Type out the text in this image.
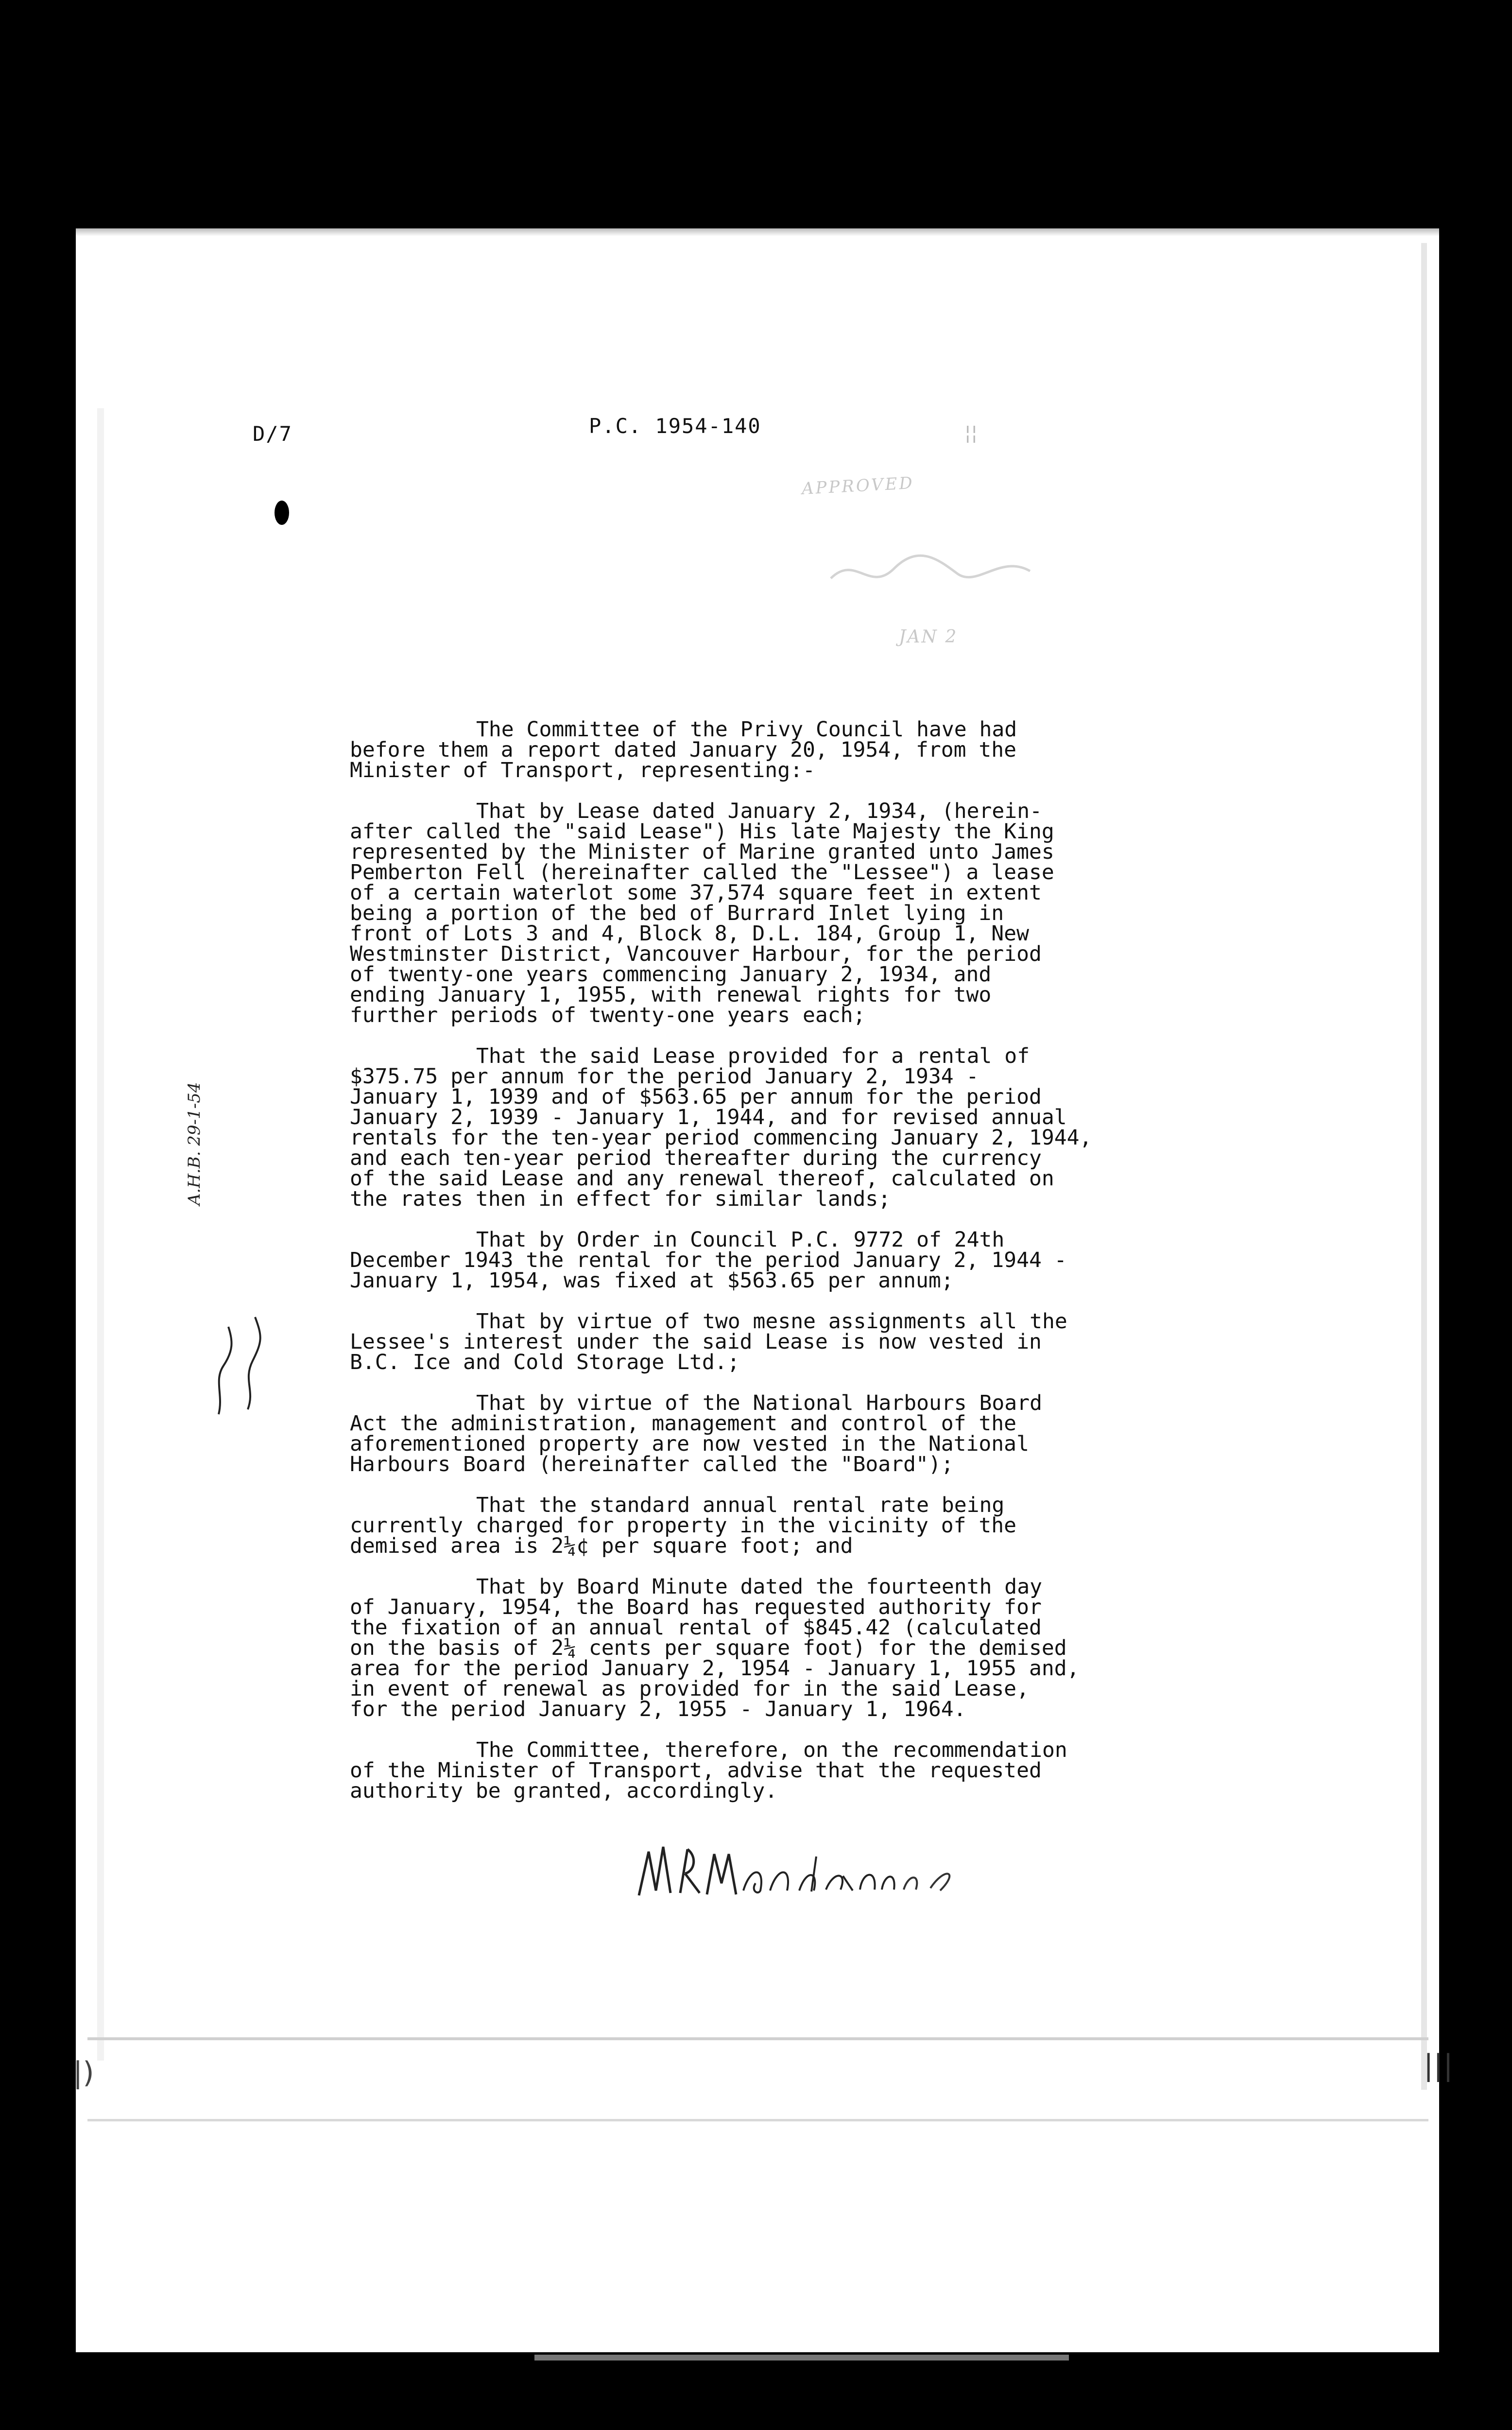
D/7	P.C. 1954-140
APPROVED
JAN 2
¦¦
A.H.B. 29-1-54

The Committee of the Privy Council have had
before them a report dated January 20, 1954, from the
Minister of Transport, representing:-

That by Lease dated January 2, 1934, (herein-
after called the "said Lease") His late Majesty the King
represented by the Minister of Marine granted unto James
Pemberton Fell (hereinafter called the "Lessee") a lease
of a certain waterlot some 37,574 square feet in extent
being a portion of the bed of Burrard Inlet lying in
front of Lots 3 and 4, Block 8, D.L. 184, Group 1, New
Westminster District, Vancouver Harbour, for the period
of twenty-one years commencing January 2, 1934, and
ending January 1, 1955, with renewal rights for two
further periods of twenty-one years each;

That the said Lease provided for a rental of
$375.75 per annum for the period January 2, 1934 -
January 1, 1939 and of $563.65 per annum for the period
January 2, 1939 - January 1, 1944, and for revised annual
rentals for the ten-year period commencing January 2, 1944,
and each ten-year period thereafter during the currency
of the said Lease and any renewal thereof, calculated on
the rates then in effect for similar lands;

That by Order in Council P.C. 9772 of 24th
December 1943 the rental for the period January 2, 1944 -
January 1, 1954, was fixed at $563.65 per annum;

That by virtue of two mesne assignments all the
Lessee's interest under the said Lease is now vested in
B.C. Ice and Cold Storage Ltd.;

That by virtue of the National Harbours Board
Act the administration, management and control of the
aforementioned property are now vested in the National
Harbours Board (hereinafter called the "Board");

That the standard annual rental rate being
currently charged for property in the vicinity of the
demised area is 2¼¢ per square foot; and

That by Board Minute dated the fourteenth day
of January, 1954, the Board has requested authority for
the fixation of an annual rental of $845.42 (calculated
on the basis of 2¼ cents per square foot) for the demised
area for the period January 2, 1954 - January 1, 1955 and,
in event of renewal as provided for in the said Lease,
for the period January 2, 1955 - January 1, 1964.

The Committee, therefore, on the recommendation
of the Minister of Transport, advise that the requested
authority be granted, accordingly.

|)	|||
